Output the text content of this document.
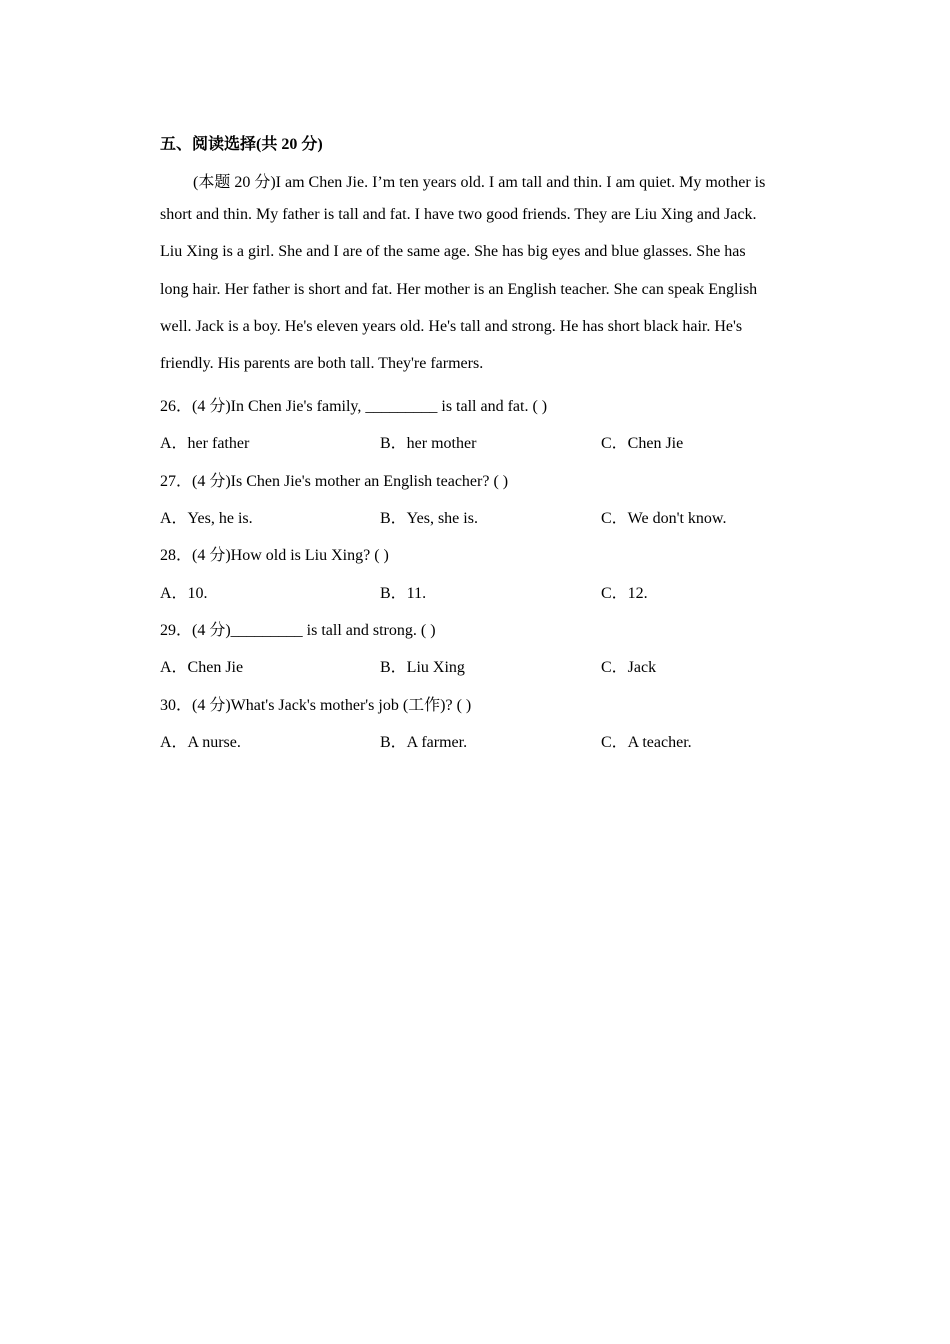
五、阅读选择(共 20 分)
(本题 20 分)I am Chen Jie. I’m ten years old. I am tall and thin. I am quiet. My mother is
short and thin. My father is tall and fat. I have two good friends. They are Liu Xing and Jack.
Liu Xing is a girl. She and I are of the same age. She has big eyes and blue glasses. She has
long hair. Her father is short and fat. Her mother is an English teacher. She can speak English
well. Jack is a boy. He's eleven years old. He's tall and strong. He has short black hair. He's
friendly. His parents are both tall. They're farmers.
26．(4 分)In Chen Jie's family, _________ is tall and fat. ( )
A．her father	B．her mother	C．Chen Jie
27．(4 分)Is Chen Jie's mother an English teacher? ( )
A．Yes, he is.	B．Yes, she is.	C．We don't know.
28．(4 分)How old is Liu Xing? ( )
A．10.	B．11.	C．12.
29．(4 分)_________ is tall and strong. ( )
A．Chen Jie	B．Liu Xing	C．Jack
30．(4 分)What's Jack's mother's job (工作)? ( )
A．A nurse.	B．A farmer.	C．A teacher.
